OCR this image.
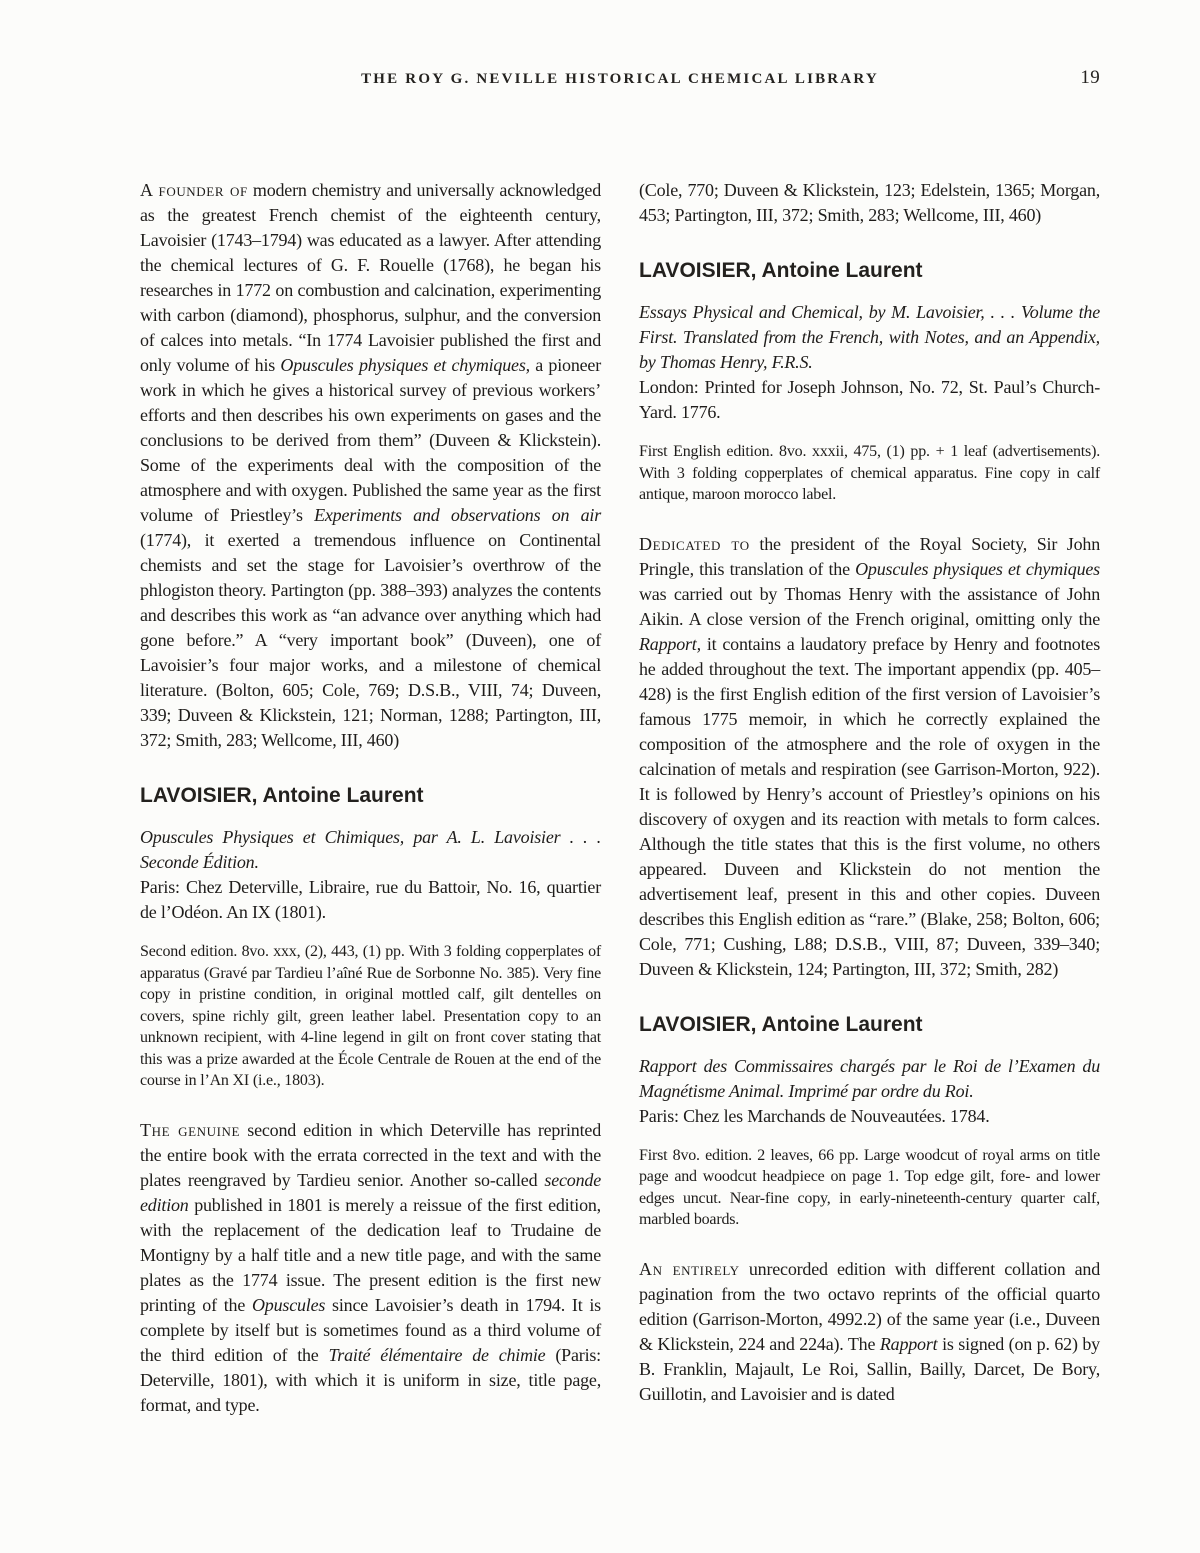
THE ROY G. NEVILLE HISTORICAL CHEMICAL LIBRARY	19
A founder of modern chemistry and universally acknowledged as the greatest French chemist of the eighteenth century, Lavoisier (1743–1794) was educated as a lawyer. After attending the chemical lectures of G. F. Rouelle (1768), he began his researches in 1772 on combustion and calcination, experimenting with carbon (diamond), phosphorus, sulphur, and the conversion of calces into metals. “In 1774 Lavoisier published the first and only volume of his Opuscules physiques et chymiques, a pioneer work in which he gives a historical survey of previous workers’ efforts and then describes his own experiments on gases and the conclusions to be derived from them” (Duveen & Klickstein). Some of the experiments deal with the composition of the atmosphere and with oxygen. Published the same year as the first volume of Priestley’s Experiments and observations on air (1774), it exerted a tremendous influence on Continental chemists and set the stage for Lavoisier’s overthrow of the phlogiston theory. Partington (pp. 388–393) analyzes the contents and describes this work as “an advance over anything which had gone before.” A “very important book” (Duveen), one of Lavoisier’s four major works, and a milestone of chemical literature. (Bolton, 605; Cole, 769; D.S.B., VIII, 74; Duveen, 339; Duveen & Klickstein, 121; Norman, 1288; Partington, III, 372; Smith, 283; Wellcome, III, 460)
LAVOISIER, Antoine Laurent
Opuscules Physiques et Chimiques, par A. L. Lavoisier . . . Seconde Édition.
Paris: Chez Deterville, Libraire, rue du Battoir, No. 16, quartier de l’Odéon. An IX (1801).
Second edition. 8vo. xxx, (2), 443, (1) pp. With 3 folding copperplates of apparatus (Gravé par Tardieu l’aîné Rue de Sorbonne No. 385). Very fine copy in pristine condition, in original mottled calf, gilt dentelles on covers, spine richly gilt, green leather label. Presentation copy to an unknown recipient, with 4-line legend in gilt on front cover stating that this was a prize awarded at the École Centrale de Rouen at the end of the course in l’An XI (i.e., 1803).
The genuine second edition in which Deterville has reprinted the entire book with the errata corrected in the text and with the plates reengraved by Tardieu senior. Another so-called seconde edition published in 1801 is merely a reissue of the first edition, with the replacement of the dedication leaf to Trudaine de Montigny by a half title and a new title page, and with the same plates as the 1774 issue. The present edition is the first new printing of the Opuscules since Lavoisier’s death in 1794. It is complete by itself but is sometimes found as a third volume of the third edition of the Traité élémentaire de chimie (Paris: Deterville, 1801), with which it is uniform in size, title page, format, and type.
(Cole, 770; Duveen & Klickstein, 123; Edelstein, 1365; Morgan, 453; Partington, III, 372; Smith, 283; Wellcome, III, 460)
LAVOISIER, Antoine Laurent
Essays Physical and Chemical, by M. Lavoisier, . . . Volume the First. Translated from the French, with Notes, and an Appendix, by Thomas Henry, F.R.S.
London: Printed for Joseph Johnson, No. 72, St. Paul’s Church-Yard. 1776.
First English edition. 8vo. xxxii, 475, (1) pp. + 1 leaf (advertisements). With 3 folding copperplates of chemical apparatus. Fine copy in calf antique, maroon morocco label.
Dedicated to the president of the Royal Society, Sir John Pringle, this translation of the Opuscules physiques et chymiques was carried out by Thomas Henry with the assistance of John Aikin. A close version of the French original, omitting only the Rapport, it contains a laudatory preface by Henry and footnotes he added throughout the text. The important appendix (pp. 405–428) is the first English edition of the first version of Lavoisier’s famous 1775 memoir, in which he correctly explained the composition of the atmosphere and the role of oxygen in the calcination of metals and respiration (see Garrison-Morton, 922). It is followed by Henry’s account of Priestley’s opinions on his discovery of oxygen and its reaction with metals to form calces. Although the title states that this is the first volume, no others appeared. Duveen and Klickstein do not mention the advertisement leaf, present in this and other copies. Duveen describes this English edition as “rare.” (Blake, 258; Bolton, 606; Cole, 771; Cushing, L88; D.S.B., VIII, 87; Duveen, 339–340; Duveen & Klickstein, 124; Partington, III, 372; Smith, 282)
LAVOISIER, Antoine Laurent
Rapport des Commissaires chargés par le Roi de l’Examen du Magnétisme Animal. Imprimé par ordre du Roi.
Paris: Chez les Marchands de Nouveautées. 1784.
First 8vo. edition. 2 leaves, 66 pp. Large woodcut of royal arms on title page and woodcut headpiece on page 1. Top edge gilt, fore- and lower edges uncut. Near-fine copy, in early-nineteenth-century quarter calf, marbled boards.
An entirely unrecorded edition with different collation and pagination from the two octavo reprints of the official quarto edition (Garrison-Morton, 4992.2) of the same year (i.e., Duveen & Klickstein, 224 and 224a). The Rapport is signed (on p. 62) by B. Franklin, Majault, Le Roi, Sallin, Bailly, Darcet, De Bory, Guillotin, and Lavoisier and is dated
